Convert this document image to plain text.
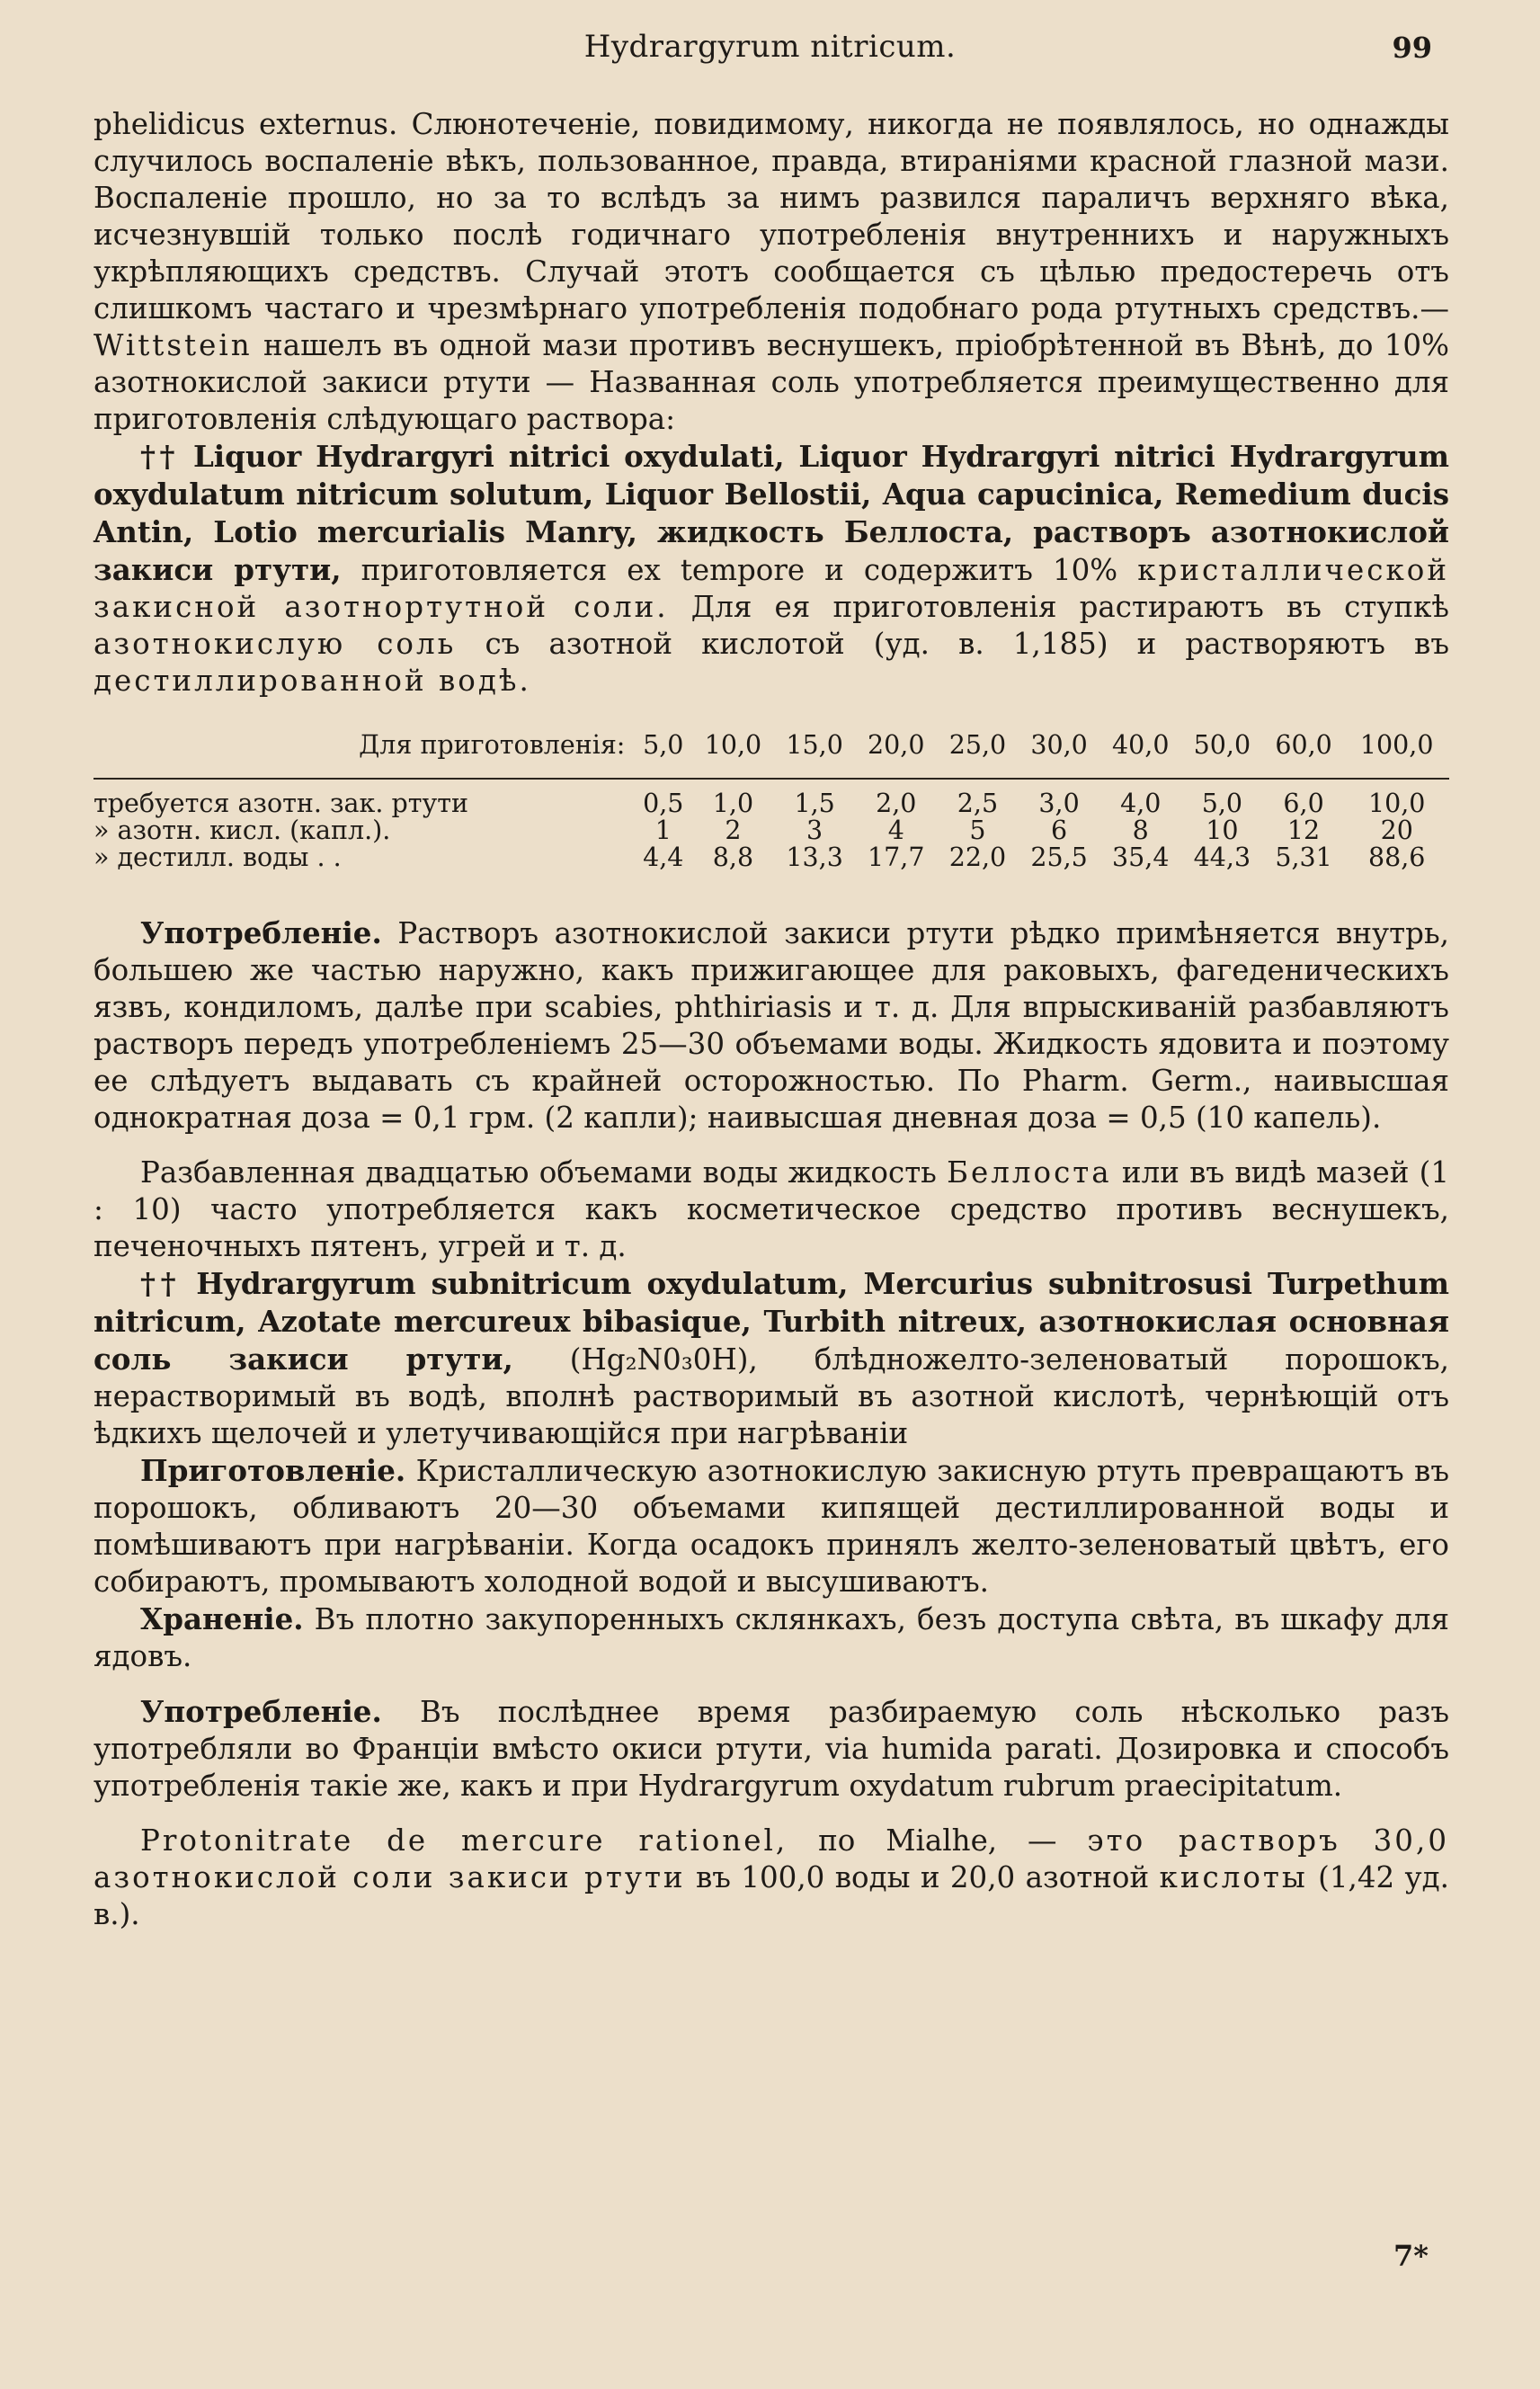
Hydrargyrum nitricum.	99

phelidicus externus. Слюнотеченіе, повидимому, никогда не появлялось, но однажды случилось воспаленіе вѣкъ, пользованное, правда, втираніями красной глазной мази. Воспаленіе прошло, но за то вслѣдъ за нимъ развился параличъ верхняго вѣка, исчезнувшій только послѣ годичнаго употребленія внутреннихъ и наружныхъ укрѣпляющихъ средствъ. Случай этотъ сообщается съ цѣлью предостеречь отъ слишкомъ частаго и чрезмѣрнаго употребленія подобнаго рода ртутныхъ средствъ.—Wittstein нашелъ въ одной мази противъ веснушекъ, пріобрѣтенной въ Вѣнѣ, до 10% азотнокислой закиси ртути — Названная соль употребляется преимущественно для приготовленія слѣдующаго раствора:

†† Liquor Hydrargyri nitrici oxydulati, Liquor Hydrargyri nitrici Hydrargyrum oxydulatum nitricum solutum, Liquor Bellostii, Aqua capuciniса, Remedium ducis Antin, Lotio mercurialis Manry, жидкость Беллоста, растворъ азотнокислой закиси ртути, приготовляется ex tempore и содержитъ 10% кристаллической закисной азотнортутной соли. Для ея приготовленія растираютъ въ ступкѣ азотнокислую соль съ азотной кислотой (уд. в. 1,185) и растворяютъ въ дестиллированной водѣ.

Для приготовленія:	5,0	10,0	15,0	20,0	25,0	30,0	40,0	50,0	60,0	100,0
требуется азотн. зак. ртути	0,5	1,0	1,5	2,0	2,5	3,0	4,0	5,0	6,0	10,0
» азотн. кисл. (капл.).	1	2	3	4	5	6	8	10	12	20
» дестилл. воды . .	4,4	8,8	13,3	17,7	22,0	25,5	35,4	44,3	5,31	88,6

Употребленіе. Растворъ азотнокислой закиси ртути рѣдко примѣняется внутрь, большею же частью наружно, какъ прижигающее для раковыхъ, фагеденическихъ язвъ, кондиломъ, далѣе при scabies, phthiriasis и т. д. Для впрыскиваній разбавляютъ растворъ передъ употребленіемъ 25—30 объемами воды. Жидкость ядовита и поэтому ее слѣдуетъ выдавать съ крайней осторожностью. По Pharm. Germ., наивысшая однократная доза = 0,1 грм. (2 капли); наивысшая дневная доза = 0,5 (10 капель).

Разбавленная двадцатью объемами воды жидкость Беллоста или въ видѣ мазей (1 : 10) часто употребляется какъ косметическое средство противъ веснушекъ, печеночныхъ пятенъ, угрей и т. д.

†† Hydrargyrum subnitricum oxydulatum, Mercurius subnitrosusi Turpethum nitricum, Azotate mercureux bibasique, Turbith nitreux, азотнокислая основная соль закиси ртути, (Hg₂N0₃0H), блѣдножелто-зеленоватый порошокъ, нерастворимый въ водѣ, вполнѣ растворимый въ азотной кислотѣ, чернѣющій отъ ѣдкихъ щелочей и улетучивающійся при нагрѣваніи

Приготовленіе. Кристаллическую азотнокислую закисную ртуть превращаютъ въ порошокъ, обливаютъ 20—30 объемами кипящей дестиллированной воды и помѣшиваютъ при нагрѣваніи. Когда осадокъ принялъ желто-зеленоватый цвѣтъ, его собираютъ, промываютъ холодной водой и высушиваютъ.

Храненіе. Въ плотно закупоренныхъ склянкахъ, безъ доступа свѣта, въ шкафу для ядовъ.

Употребленіе. Въ послѣднее время разбираемую соль нѣсколько разъ употребляли во Франціи вмѣсто окиси ртути, via humida parati. Дозировка и способъ употребленія такіе же, какъ и при Hydrargyrum oxydatum rubrum praecipitatum.

Protonitrate de mercure rationel, по Mialhe, — это растворъ 30,0 азотнокислой соли закиси ртути въ 100,0 воды и 20,0 азотной кислоты (1,42 уд. в.).

7*
